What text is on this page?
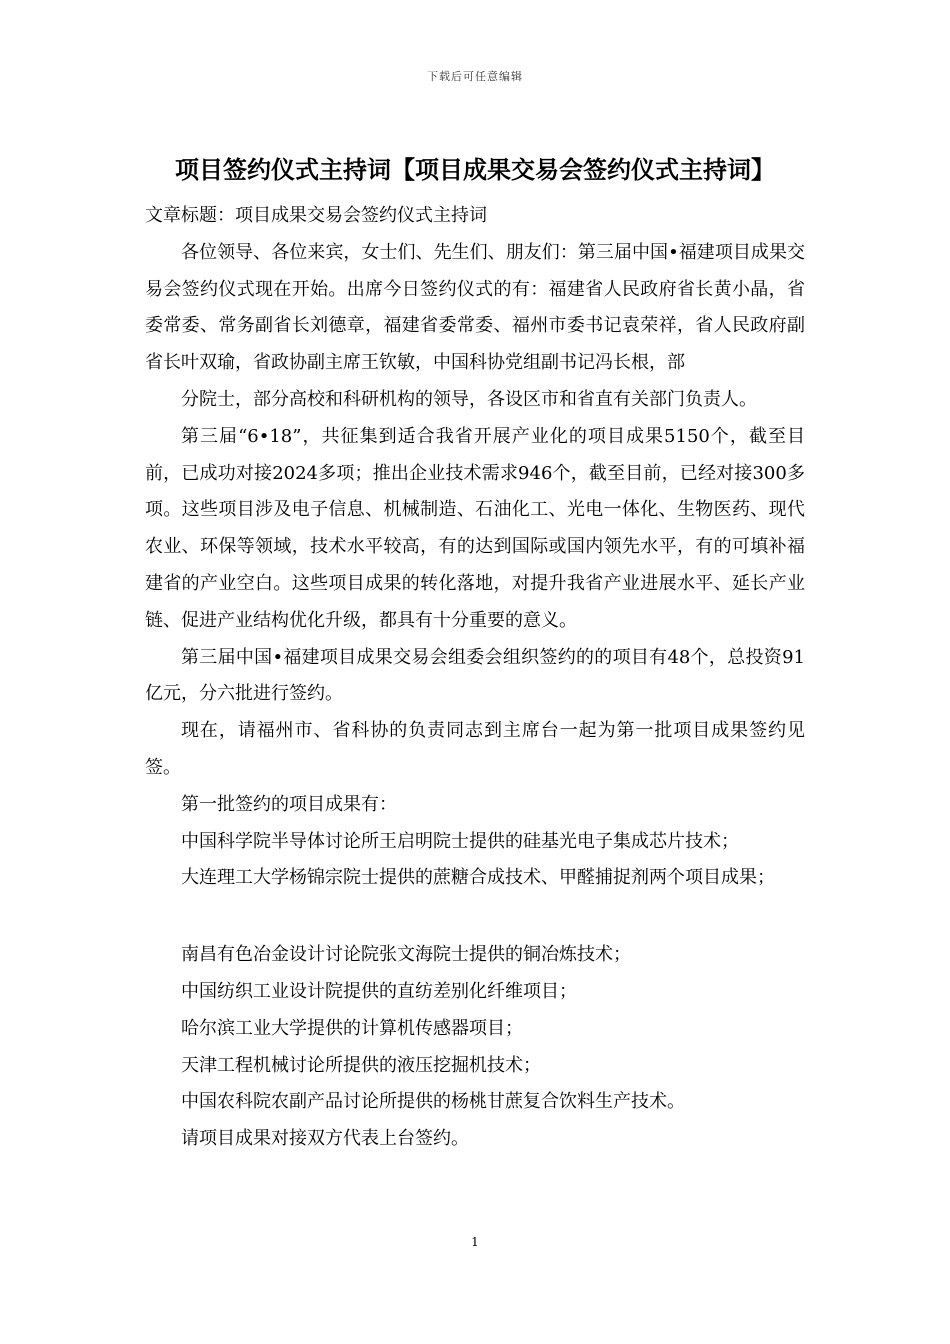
下载后可任意编辑
项目签约仪式主持词【项目成果交易会签约仪式主持词】

文章标题：项目成果交易会签约仪式主持词

各位领导、各位来宾，女士们、先生们、朋友们：第三届中国•福建项目成果交易会签约仪式现在开始。出席今日签约仪式的有：福建省人民政府省长黄小晶，省委常委、常务副省长刘德章，福建省委常委、福州市委书记袁荣祥，省人民政府副省长叶双瑜，省政协副主席王钦敏，中国科协党组副书记冯长根，部

分院士，部分高校和科研机构的领导，各设区市和省直有关部门负责人。

第三届“6•18”，共征集到适合我省开展产业化的项目成果5150个，截至目前，已成功对接2024多项；推出企业技术需求946个，截至目前，已经对接300多项。这些项目涉及电子信息、机械制造、石油化工、光电一体化、生物医药、现代农业、环保等领域，技术水平较高，有的达到国际或国内领先水平，有的可填补福建省的产业空白。这些项目成果的转化落地，对提升我省产业进展水平、延长产业链、促进产业结构优化升级，都具有十分重要的意义。

第三届中国•福建项目成果交易会组委会组织签约的的项目有48个，总投资91亿元，分六批进行签约。

现在，请福州市、省科协的负责同志到主席台一起为第一批项目成果签约见签。

第一批签约的项目成果有：

中国科学院半导体讨论所王启明院士提供的硅基光电子集成芯片技术；

大连理工大学杨锦宗院士提供的蔗糖合成技术、甲醛捕捉剂两个项目成果；

南昌有色冶金设计讨论院张文海院士提供的铜冶炼技术；

中国纺织工业设计院提供的直纺差别化纤维项目；

哈尔滨工业大学提供的计算机传感器项目；

天津工程机械讨论所提供的液压挖掘机技术；

中国农科院农副产品讨论所提供的杨桃甘蔗复合饮料生产技术。

请项目成果对接双方代表上台签约。

1
